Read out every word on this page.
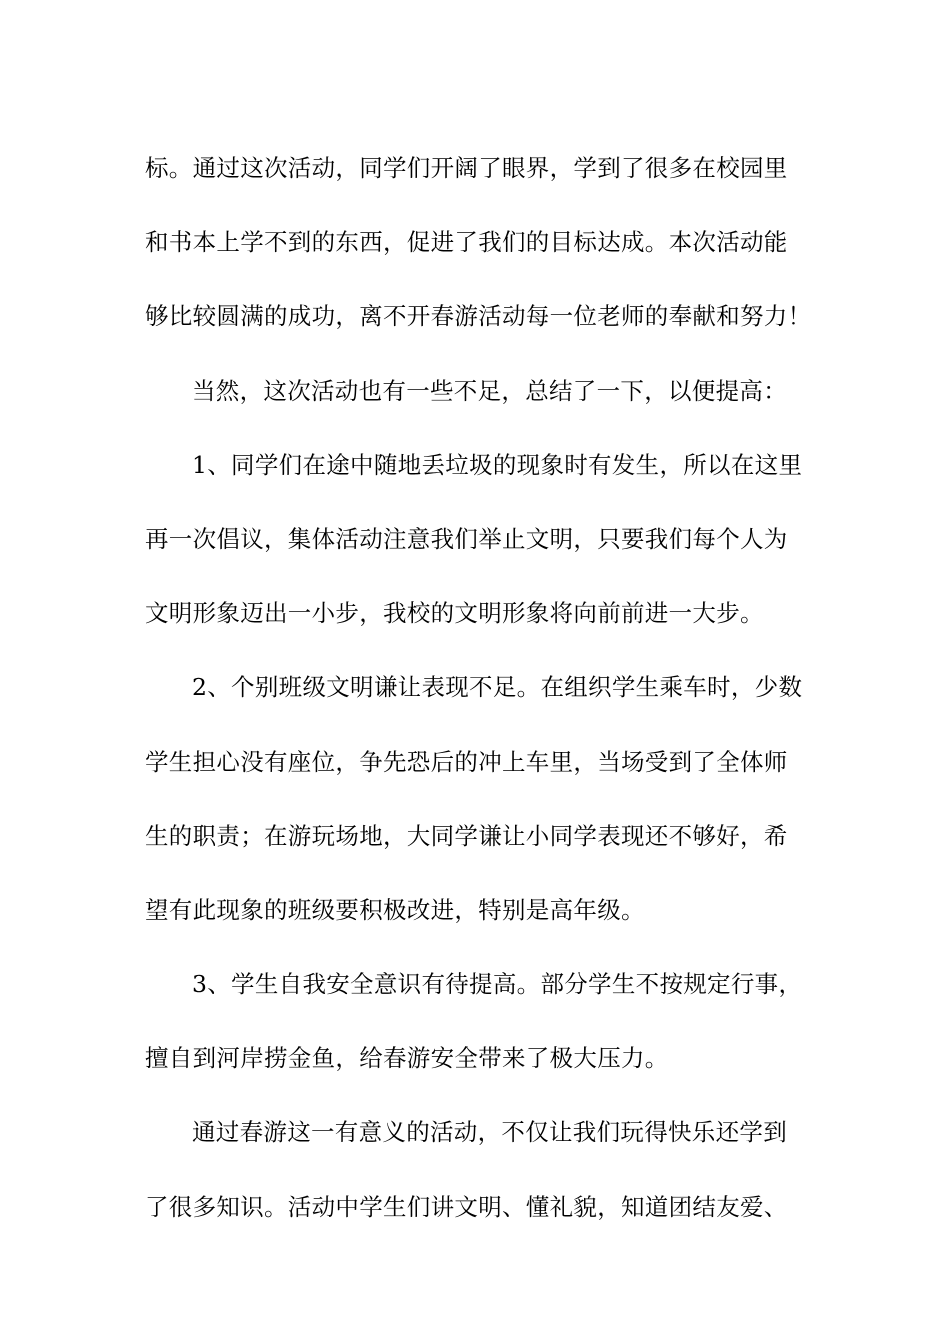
标。通过这次活动，同学们开阔了眼界，学到了很多在校园里
和书本上学不到的东西，促进了我们的目标达成。本次活动能
够比较圆满的成功，离不开春游活动每一位老师的奉献和努力！
当然，这次活动也有一些不足，总结了一下，以便提高：
1、同学们在途中随地丢垃圾的现象时有发生，所以在这里
再一次倡议，集体活动注意我们举止文明，只要我们每个人为
文明形象迈出一小步，我校的文明形象将向前前进一大步。
2、个别班级文明谦让表现不足。在组织学生乘车时，少数
学生担心没有座位，争先恐后的冲上车里，当场受到了全体师
生的职责；在游玩场地，大同学谦让小同学表现还不够好，希
望有此现象的班级要积极改进，特别是高年级。
3、学生自我安全意识有待提高。部分学生不按规定行事，
擅自到河岸捞金鱼，给春游安全带来了极大压力。
通过春游这一有意义的活动，不仅让我们玩得快乐还学到
了很多知识。活动中学生们讲文明、懂礼貌，知道团结友爱、
